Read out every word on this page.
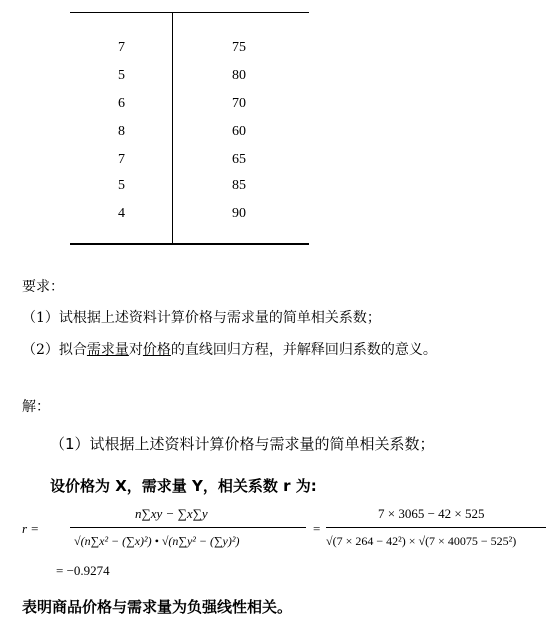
7	75
5	80
6	70
8	60
7	65
5	85
4	90
要求：
（1）试根据上述资料计算价格与需求量的简单相关系数；
（2）拟合需求量对价格的直线回归方程，并解释回归系数的意义。
解：
（1）试根据上述资料计算价格与需求量的简单相关系数；
设价格为 X，需求量 Y，相关系数 r 为:
r =
n∑xy − ∑x∑y
√(n∑x² − (∑x)²) • √(n∑y² − (∑y)²)
=
7 × 3065 − 42 × 525
√(7 × 264 − 42²) × √(7 × 40075 − 525²)
= −0.9274
表明商品价格与需求量为负强线性相关。
